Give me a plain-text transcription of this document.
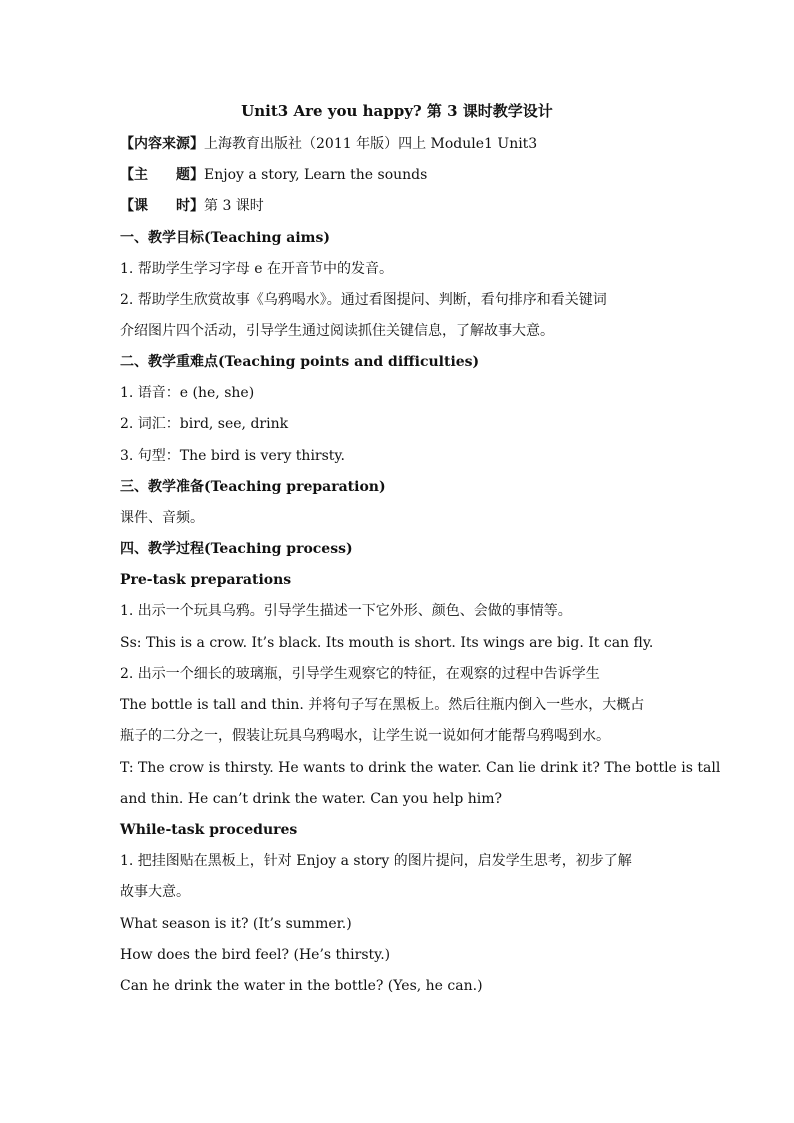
Unit3 Are you happy? 第 3 课时教学设计
【内容来源】上海教育出版社（2011 年版）四上 Module1 Unit3
【主 题】Enjoy a story, Learn the sounds
【课 时】第 3 课时
一、教学目标(Teaching aims)
1. 帮助学生学习字母 e 在开音节中的发音。
2. 帮助学生欣赏故事《乌鸦喝水》。通过看图提问、判断，看句排序和看关键词
介绍图片四个活动，引导学生通过阅读抓住关键信息，了解故事大意。
二、教学重难点(Teaching points and difficulties)
1. 语音：e (he, she)
2. 词汇：bird, see, drink
3. 句型：The bird is very thirsty.
三、教学准备(Teaching preparation)
课件、音频。
四、教学过程(Teaching process)
Pre-task preparations
1. 出示一个玩具乌鸦。引导学生描述一下它外形、颜色、会做的事情等。
Ss: This is a crow. It’s black. Its mouth is short. Its wings are big. It can fly.
2. 出示一个细长的玻璃瓶，引导学生观察它的特征，在观察的过程中告诉学生
The bottle is tall and thin. 并将句子写在黑板上。然后往瓶内倒入一些水，大概占
瓶子的二分之一，假装让玩具乌鸦喝水，让学生说一说如何才能帮乌鸦喝到水。
T: The crow is thirsty. He wants to drink the water. Can lie drink it? The bottle is tall
and thin. He can’t drink the water. Can you help him?
While-task procedures
1. 把挂图贴在黑板上，针对 Enjoy a story 的图片提问，启发学生思考，初步了解
故事大意。
What season is it? (It’s summer.)
How does the bird feel? (He’s thirsty.)
Can he drink the water in the bottle? (Yes, he can.)
